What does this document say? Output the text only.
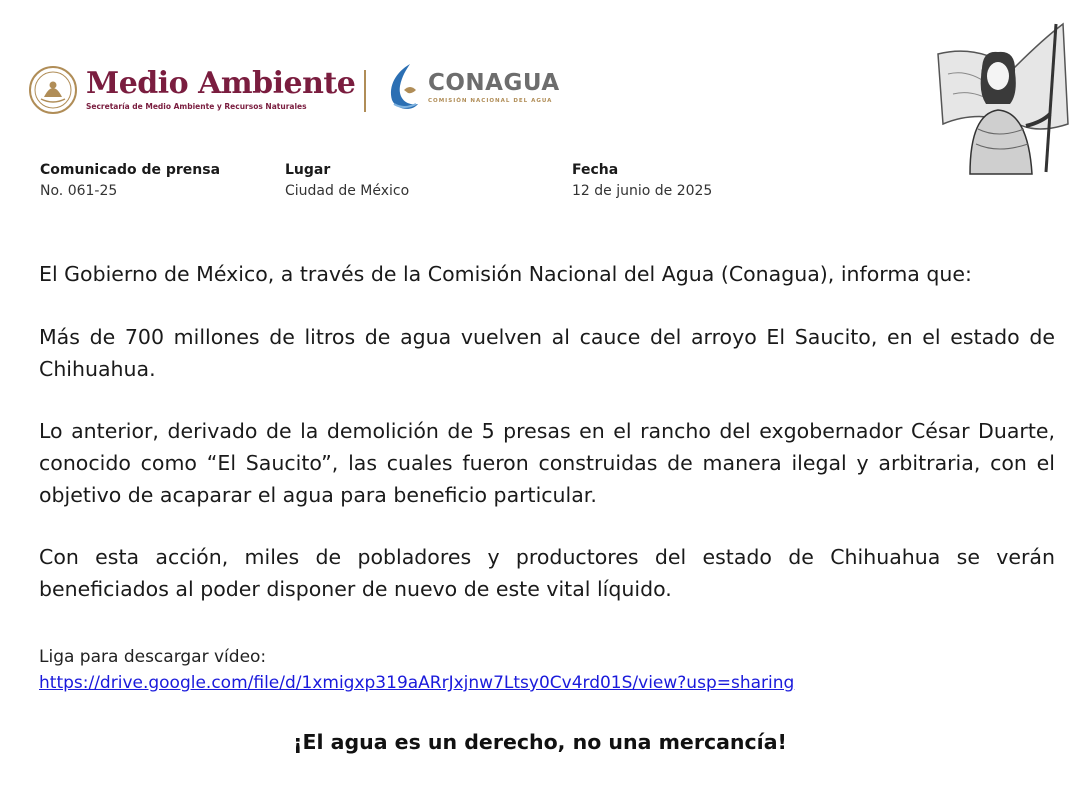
Medio Ambiente
Secretaría de Medio Ambiente y Recursos Naturales
CONAGUA
COMISIÓN NACIONAL DEL AGUA
Comunicado de prensa
No. 061-25
Lugar
Ciudad de México
Fecha
12 de junio de 2025

El Gobierno de México, a través de la Comisión Nacional del Agua (Conagua), informa que:

Más de 700 millones de litros de agua vuelven al cauce del arroyo El Saucito, en el estado de Chihuahua.

Lo anterior, derivado de la demolición de 5 presas en el rancho del exgobernador César Duarte, conocido como “El Saucito”, las cuales fueron construidas de manera ilegal y arbitraria, con el objetivo de acaparar el agua para beneficio particular.

Con esta acción, miles de pobladores y productores del estado de Chihuahua se verán beneficiados al poder disponer de nuevo de este vital líquido.

Liga para descargar vídeo:
https://drive.google.com/file/d/1xmigxp319aARrJxjnw7Ltsy0Cv4rd01S/view?usp=sharing
¡El agua es un derecho, no una mercancía!
